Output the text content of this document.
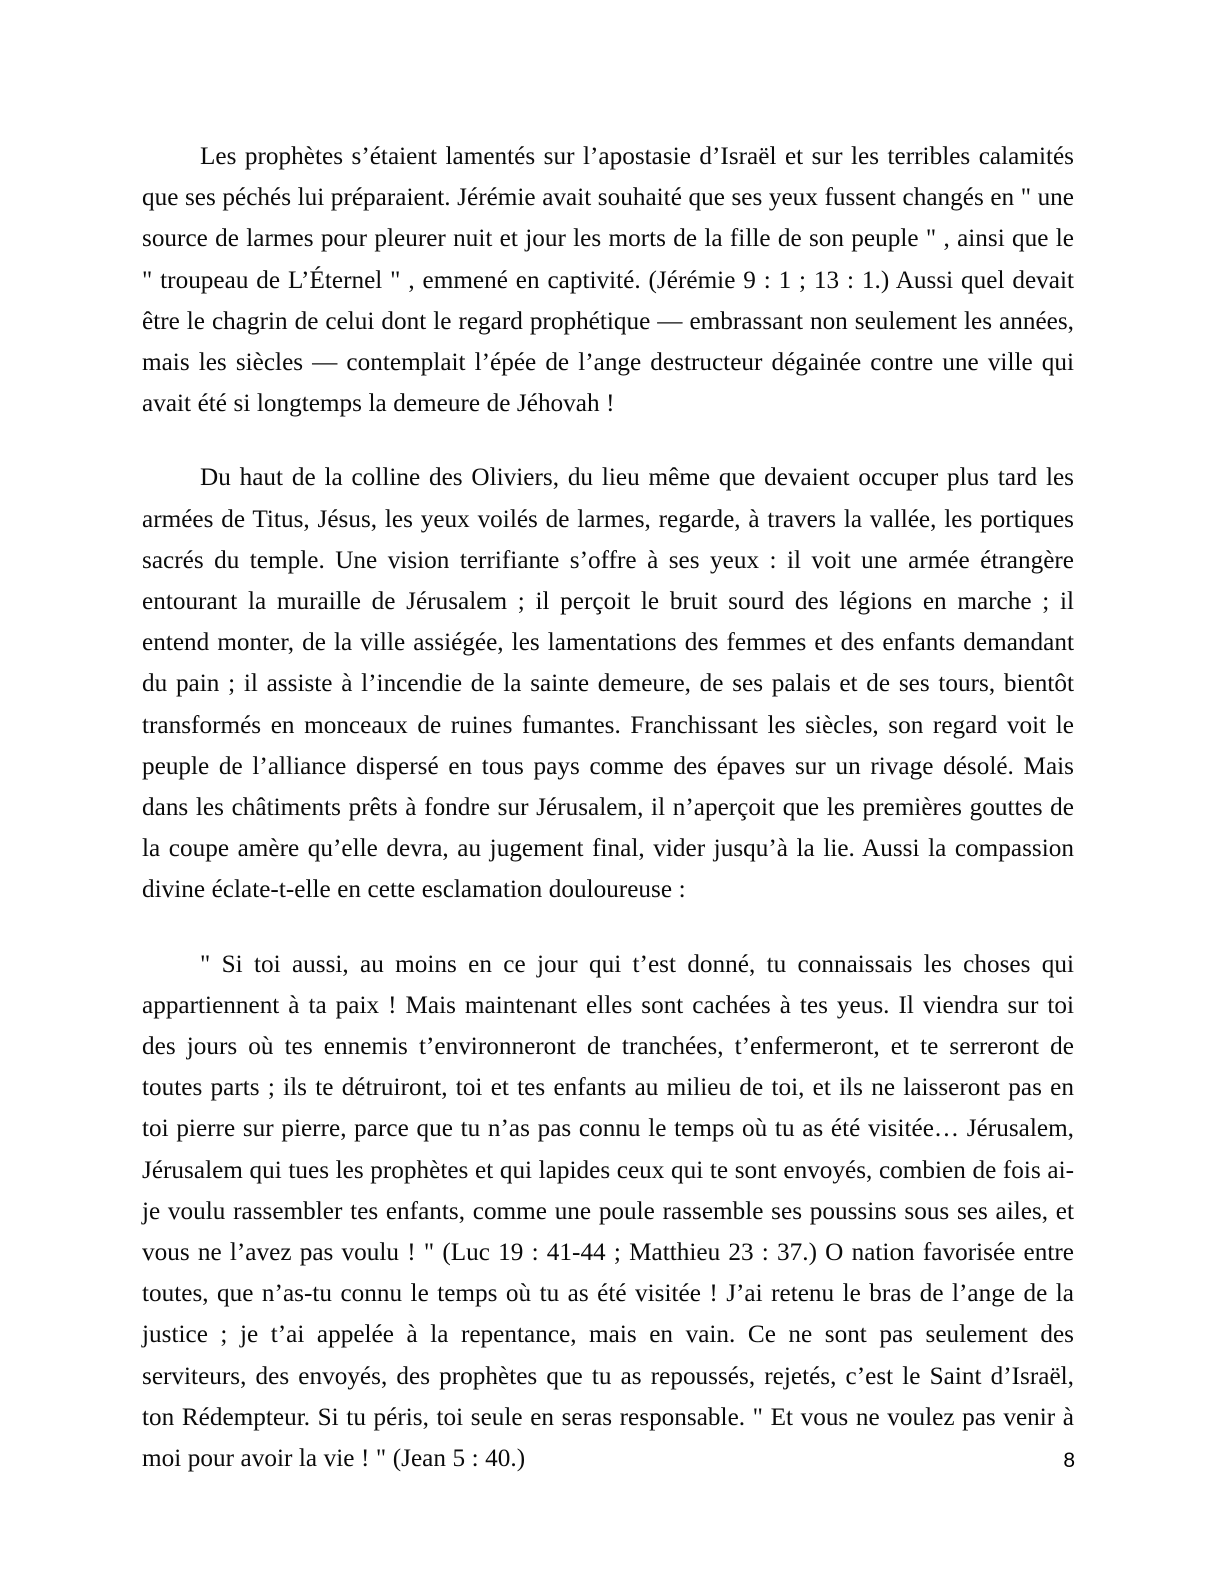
Les prophètes s’étaient lamentés sur l’apostasie d’Israël et sur les terribles calamités que ses péchés lui préparaient. Jérémie avait souhaité que ses yeux fussent changés en " une source de larmes pour pleurer nuit et jour les morts de la fille de son peuple " , ainsi que le " troupeau de L’Éternel " , emmené en captivité. (Jérémie 9 : 1 ; 13 : 1.) Aussi quel devait être le chagrin de celui dont le regard prophétique — embrassant non seulement les années, mais les siècles — contemplait l’épée de l’ange destructeur dégainée contre une ville qui avait été si longtemps la demeure de Jéhovah !

Du haut de la colline des Oliviers, du lieu même que devaient occuper plus tard les armées de Titus, Jésus, les yeux voilés de larmes, regarde, à travers la vallée, les portiques sacrés du temple. Une vision terrifiante s’offre à ses yeux : il voit une armée étrangère entourant la muraille de Jérusalem ; il perçoit le bruit sourd des légions en marche ; il entend monter, de la ville assiégée, les lamentations des femmes et des enfants demandant du pain ; il assiste à l’incendie de la sainte demeure, de ses palais et de ses tours, bientôt transformés en monceaux de ruines fumantes. Franchissant les siècles, son regard voit le peuple de l’alliance dispersé en tous pays comme des épaves sur un rivage désolé. Mais dans les châtiments prêts à fondre sur Jérusalem, il n’aperçoit que les premières gouttes de la coupe amère qu’elle devra, au jugement final, vider jusqu’à la lie. Aussi la compassion divine éclate-t-elle en cette esclamation douloureuse :

" Si toi aussi, au moins en ce jour qui t’est donné, tu connaissais les choses qui appartiennent à ta paix ! Mais maintenant elles sont cachées à tes yeus. Il viendra sur toi des jours où tes ennemis t’environneront de tranchées, t’enfermeront, et te serreront de toutes parts ; ils te détruiront, toi et tes enfants au milieu de toi, et ils ne laisseront pas en toi pierre sur pierre, parce que tu n’as pas connu le temps où tu as été visitée… Jérusalem, Jérusalem qui tues les prophètes et qui lapides ceux qui te sont envoyés, combien de fois ai-je voulu rassembler tes enfants, comme une poule rassemble ses poussins sous ses ailes, et vous ne l’avez pas voulu ! " (Luc 19 : 41-44 ; Matthieu 23 : 37.) O nation favorisée entre toutes, que n’as-tu connu le temps où tu as été visitée ! J’ai retenu le bras de l’ange de la justice ; je t’ai appelée à la repentance, mais en vain. Ce ne sont pas seulement des serviteurs, des envoyés, des prophètes que tu as repoussés, rejetés, c’est le Saint d’Israël, ton Rédempteur. Si tu péris, toi seule en seras responsable. " Et vous ne voulez pas venir à moi pour avoir la vie ! " (Jean 5 : 40.)	8
